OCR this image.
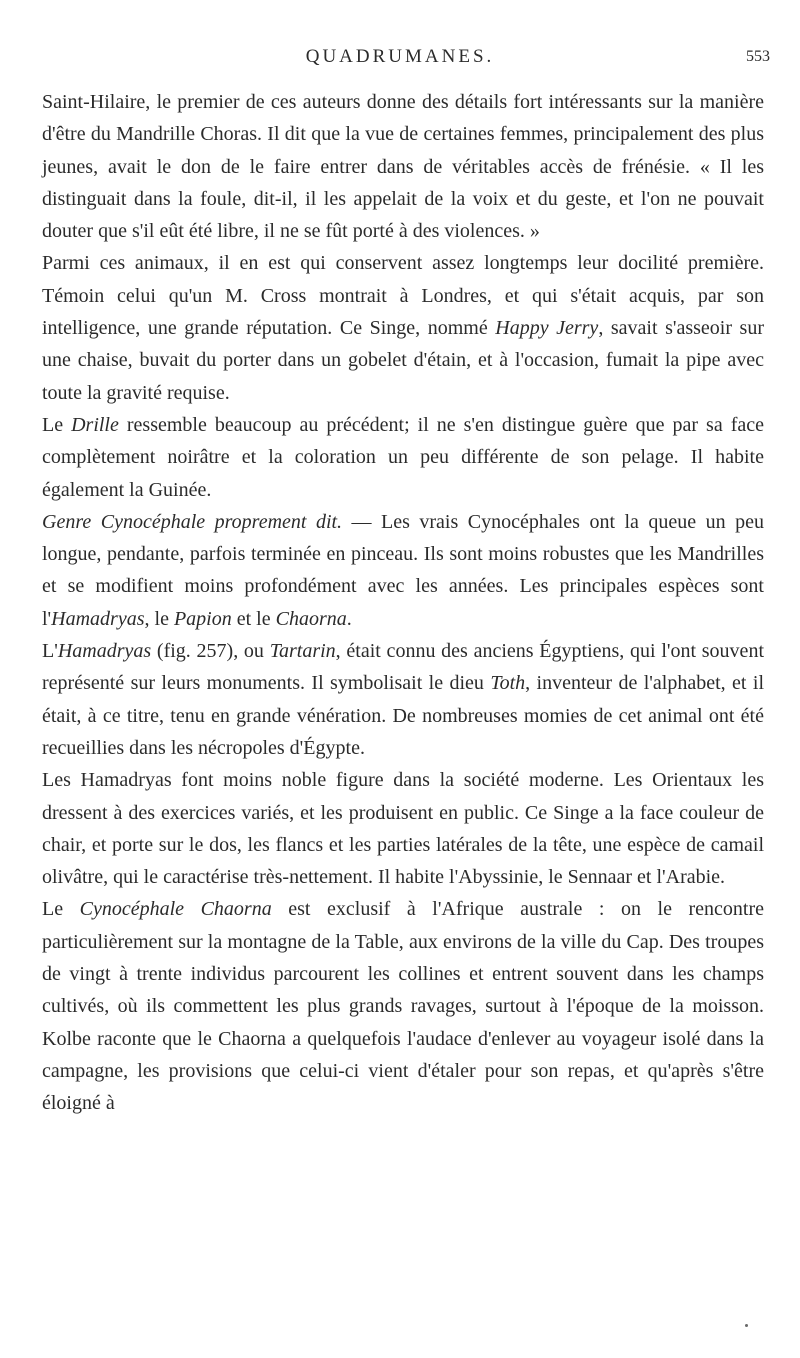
QUADRUMANES.	553

Saint-Hilaire, le premier de ces auteurs donne des détails fort intéressants sur la manière d'être du Mandrille Choras. Il dit que la vue de certaines femmes, principalement des plus jeunes, avait le don de le faire entrer dans de véritables accès de frénésie. « Il les distinguait dans la foule, dit-il, il les appelait de la voix et du geste, et l'on ne pouvait douter que s'il eût été libre, il ne se fût porté à des violences. »

Parmi ces animaux, il en est qui conservent assez longtemps leur docilité première. Témoin celui qu'un M. Cross montrait à Londres, et qui s'était acquis, par son intelligence, une grande réputation. Ce Singe, nommé Happy Jerry, savait s'asseoir sur une chaise, buvait du porter dans un gobelet d'étain, et à l'occasion, fumait la pipe avec toute la gravité requise.

Le Drille ressemble beaucoup au précédent; il ne s'en distingue guère que par sa face complètement noirâtre et la coloration un peu différente de son pelage. Il habite également la Guinée.

Genre Cynocéphale proprement dit. — Les vrais Cynocéphales ont la queue un peu longue, pendante, parfois terminée en pinceau. Ils sont moins robustes que les Mandrilles et se modifient moins profondément avec les années. Les principales espèces sont l'Hamadryas, le Papion et le Chaorna.

L'Hamadryas (fig. 257), ou Tartarin, était connu des anciens Égyptiens, qui l'ont souvent représenté sur leurs monuments. Il symbolisait le dieu Toth, inventeur de l'alphabet, et il était, à ce titre, tenu en grande vénération. De nombreuses momies de cet animal ont été recueillies dans les nécropoles d'Égypte.

Les Hamadryas font moins noble figure dans la société moderne. Les Orientaux les dressent à des exercices variés, et les produisent en public. Ce Singe a la face couleur de chair, et porte sur le dos, les flancs et les parties latérales de la tête, une espèce de camail olivâtre, qui le caractérise très-nettement. Il habite l'Abyssinie, le Sennaar et l'Arabie.

Le Cynocéphale Chaorna est exclusif à l'Afrique australe : on le rencontre particulièrement sur la montagne de la Table, aux environs de la ville du Cap. Des troupes de vingt à trente individus parcourent les collines et entrent souvent dans les champs cultivés, où ils commettent les plus grands ravages, surtout à l'époque de la moisson. Kolbe raconte que le Chaorna a quelquefois l'audace d'enlever au voyageur isolé dans la campagne, les provisions que celui-ci vient d'étaler pour son repas, et qu'après s'être éloigné à
